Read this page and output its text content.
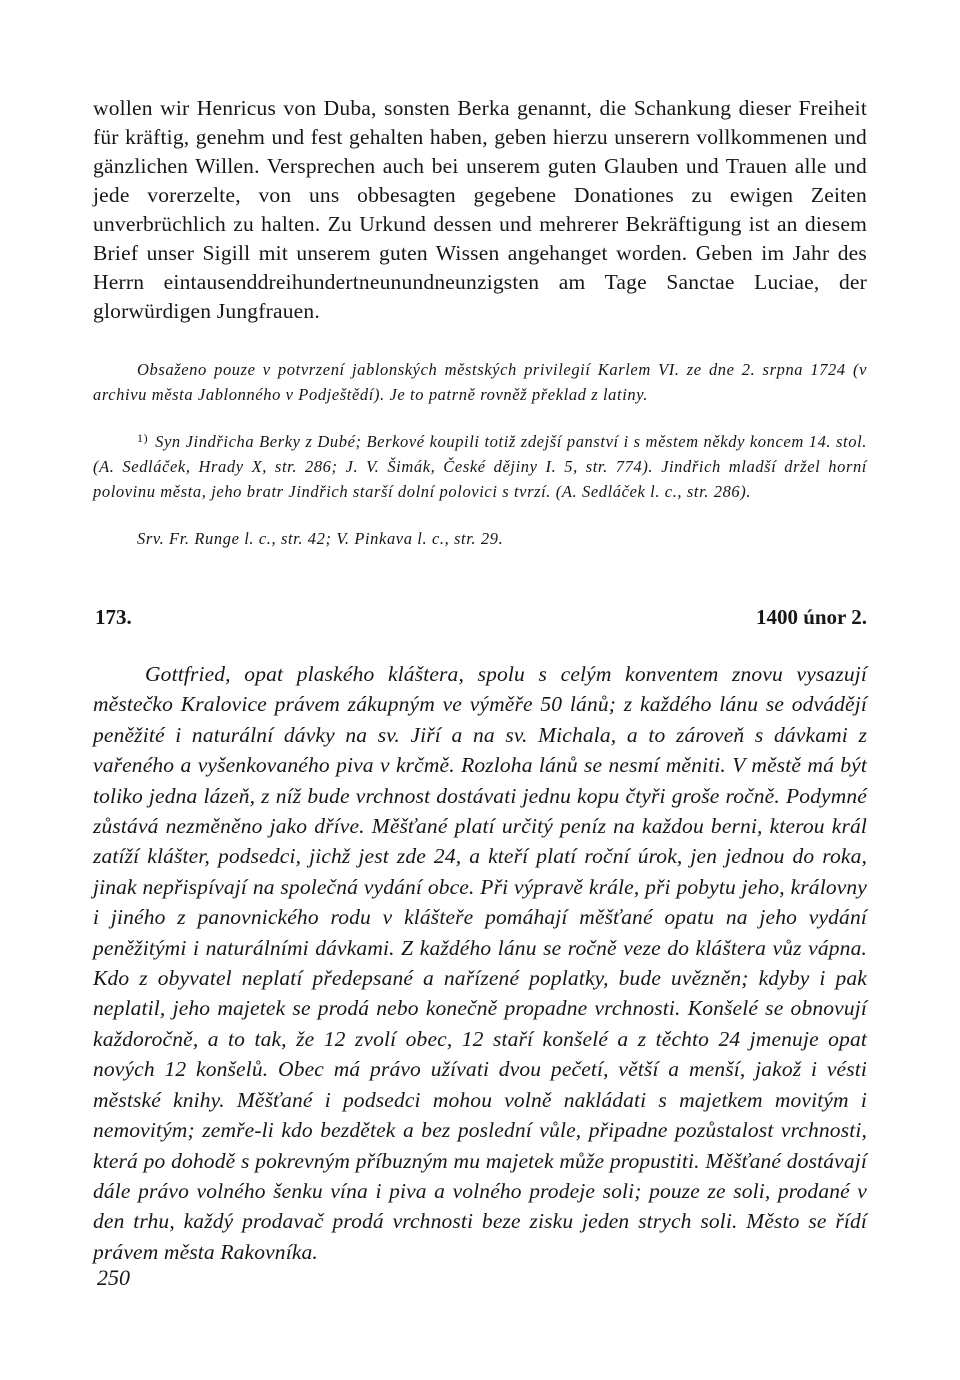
wollen wir Henricus von Duba, sonsten Berka genannt, die Schankung dieser Freiheit für kräftig, genehm und fest gehalten haben, geben hierzu unserern vollkommenen und gänzlichen Willen. Versprechen auch bei unserem guten Glauben und Trauen alle und jede vorerzelte, von uns obbesagten gegebene Donationes zu ewigen Zeiten unverbrüchlich zu halten. Zu Urkund dessen und mehrerer Bekräftigung ist an diesem Brief unser Sigill mit unserem guten Wissen angehanget worden. Geben im Jahr des Herrn eintausenddreihundertneunundneunzigsten am Tage Sanctae Luciae, der glorwürdigen Jungfrauen.

Obsaženo pouze v potvrzení jablonských městských privilegií Karlem VI. ze dne 2. srpna 1724 (v archivu města Jablonného v Podještědí). Je to patrně rovněž překlad z latiny.

$^{1)}$ Syn Jindřicha Berky z Dubé; Berkové koupili totiž zdejší panství i s městem někdy koncem 14. stol. (A. Sedláček, Hrady X, str. 286; J. V. Šimák, České dějiny I. 5, str. 774). Jindřich mladší držel horní polovinu města, jeho bratr Jindřich starší dolní polovici s tvrzí. (A. Sedláček l. c., str. 286).

Srv. Fr. Runge l. c., str. 42; V. Pinkava l. c., str. 29.

173.	1400 únor 2.

Gottfried, opat plaského kláštera, spolu s celým konventem znovu vysazují městečko Kralovice právem zákupným ve výměře 50 lánů; z každého lánu se odvádějí peněžité i naturální dávky na sv. Jiří a na sv. Michala, a to zároveň s dávkami z vařeného a vyšenkovaného piva v krčmě. Rozloha lánů se nesmí měniti. V městě má být toliko jedna lázeň, z níž bude vrchnost dostávati jednu kopu čtyři groše ročně. Podymné zůstává nezměněno jako dříve. Měšťané platí určitý peníz na každou berni, kterou král zatíží klášter, podsedci, jichž jest zde 24, a kteří platí roční úrok, jen jednou do roka, jinak nepřispívají na společná vydání obce. Při výpravě krále, při pobytu jeho, královny i jiného z panovnického rodu v klášteře pomáhají měšťané opatu na jeho vydání peněžitými i naturálními dávkami. Z každého lánu se ročně veze do kláštera vůz vápna. Kdo z obyvatel neplatí předepsané a nařízené poplatky, bude uvězněn; kdyby i pak neplatil, jeho majetek se prodá nebo konečně propadne vrchnosti. Konšelé se obnovují každoročně, a to tak, že 12 zvolí obec, 12 staří konšelé a z těchto 24 jmenuje opat nových 12 konšelů. Obec má právo užívati dvou pečetí, větší a menší, jakož i vésti městské knihy. Měšťané i podsedci mohou volně nakládati s majetkem movitým i nemovitým; zemře-li kdo bezdětek a bez poslední vůle, připadne pozůstalost vrchnosti, která po dohodě s pokrevným příbuzným mu majetek může propustiti. Měšťané dostávají dále právo volného šenku vína i piva a volného prodeje soli; pouze ze soli, prodané v den trhu, každý prodavač prodá vrchnosti beze zisku jeden strych soli. Město se řídí právem města Rakovníka.

250
